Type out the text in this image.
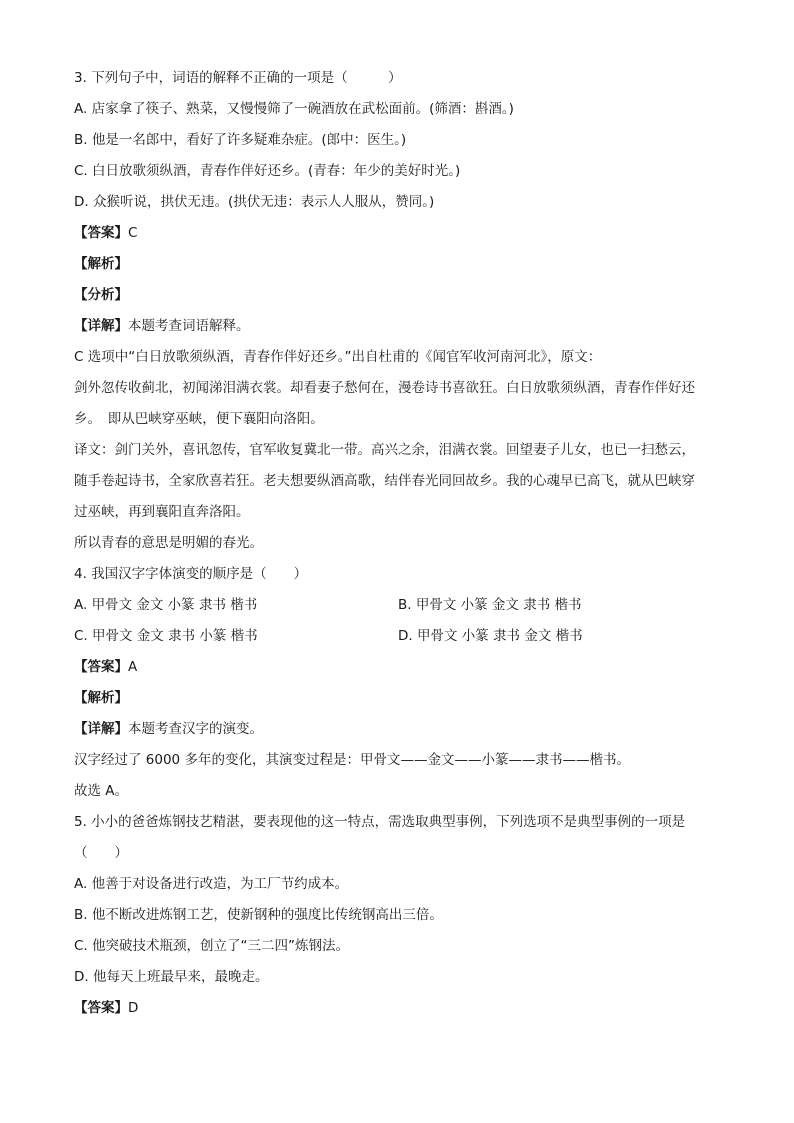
3. 下列句子中，词语的解释不正确的一项是（　　　）
A. 店家拿了筷子、熟菜，又慢慢筛了一碗酒放在武松面前。(筛酒：斟酒。)
B. 他是一名郎中，看好了许多疑难杂症。(郎中：医生。)
C. 白日放歌须纵酒，青春作伴好还乡。(青春：年少的美好时光。)
D. 众猴听说，拱伏无违。(拱伏无违：表示人人服从，赞同。)
【答案】C
【解析】
【分析】
【详解】本题考查词语解释。
C 选项中“白日放歌须纵酒，青春作伴好还乡。”出自杜甫的《闻官军收河南河北》，原文：
剑外忽传收蓟北，初闻涕泪满衣裳。却看妻子愁何在，漫卷诗书喜欲狂。白日放歌须纵酒，青春作伴好还
乡。　即从巴峡穿巫峡，便下襄阳向洛阳。
译文：剑门关外，喜讯忽传，官军收复冀北一带。高兴之余，泪满衣裳。回望妻子儿女，也已一扫愁云，
随手卷起诗书，全家欣喜若狂。老夫想要纵酒高歌，结伴春光同回故乡。我的心魂早已高飞，就从巴峡穿
过巫峡，再到襄阳直奔洛阳。
所以青春的意思是明媚的春光。
4. 我国汉字字体演变的顺序是（　　）
A. 甲骨文 金文 小篆 隶书 楷书	B. 甲骨文 小篆 金文 隶书 楷书
C. 甲骨文 金文 隶书 小篆 楷书	D. 甲骨文 小篆 隶书 金文 楷书
【答案】A
【解析】
【详解】本题考查汉字的演变。
汉字经过了 6000 多年的变化，其演变过程是：甲骨文——金文——小篆——隶书——楷书。
故选 A。
5. 小小的爸爸炼钢技艺精湛，要表现他的这一特点，需选取典型事例，下列选项不是典型事例的一项是
（　　）
A. 他善于对设备进行改造，为工厂节约成本。
B. 他不断改进炼钢工艺，使新钢种的强度比传统钢高出三倍。
C. 他突破技术瓶颈，创立了“三二四”炼钢法。
D. 他每天上班最早来，最晚走。
【答案】D
